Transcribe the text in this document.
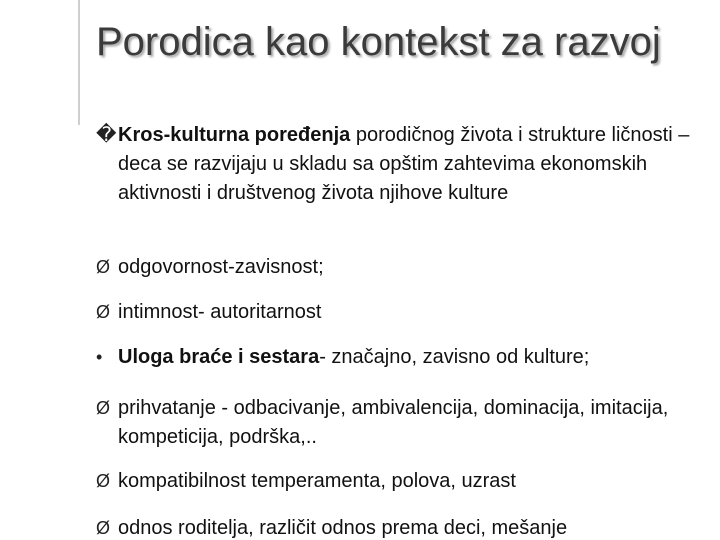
Porodica kao kontekst za razvoj
� Kros-kulturna poređenja porodičnog života i strukture ličnosti – deca se razvijaju u skladu sa opštim zahtevima ekonomskih aktivnosti i društvenog života njihove kulture
Ø odgovornost-zavisnost;
Ø intimnost- autoritarnost
• Uloga braće i sestara- značajno, zavisno od kulture;
Ø prihvatanje - odbacivanje, ambivalencija, dominacija, imitacija, kompeticija, podrška,..
Ø kompatibilnost temperamenta, polova, uzrast
Ø odnos roditelja, različit odnos prema deci, mešanje
